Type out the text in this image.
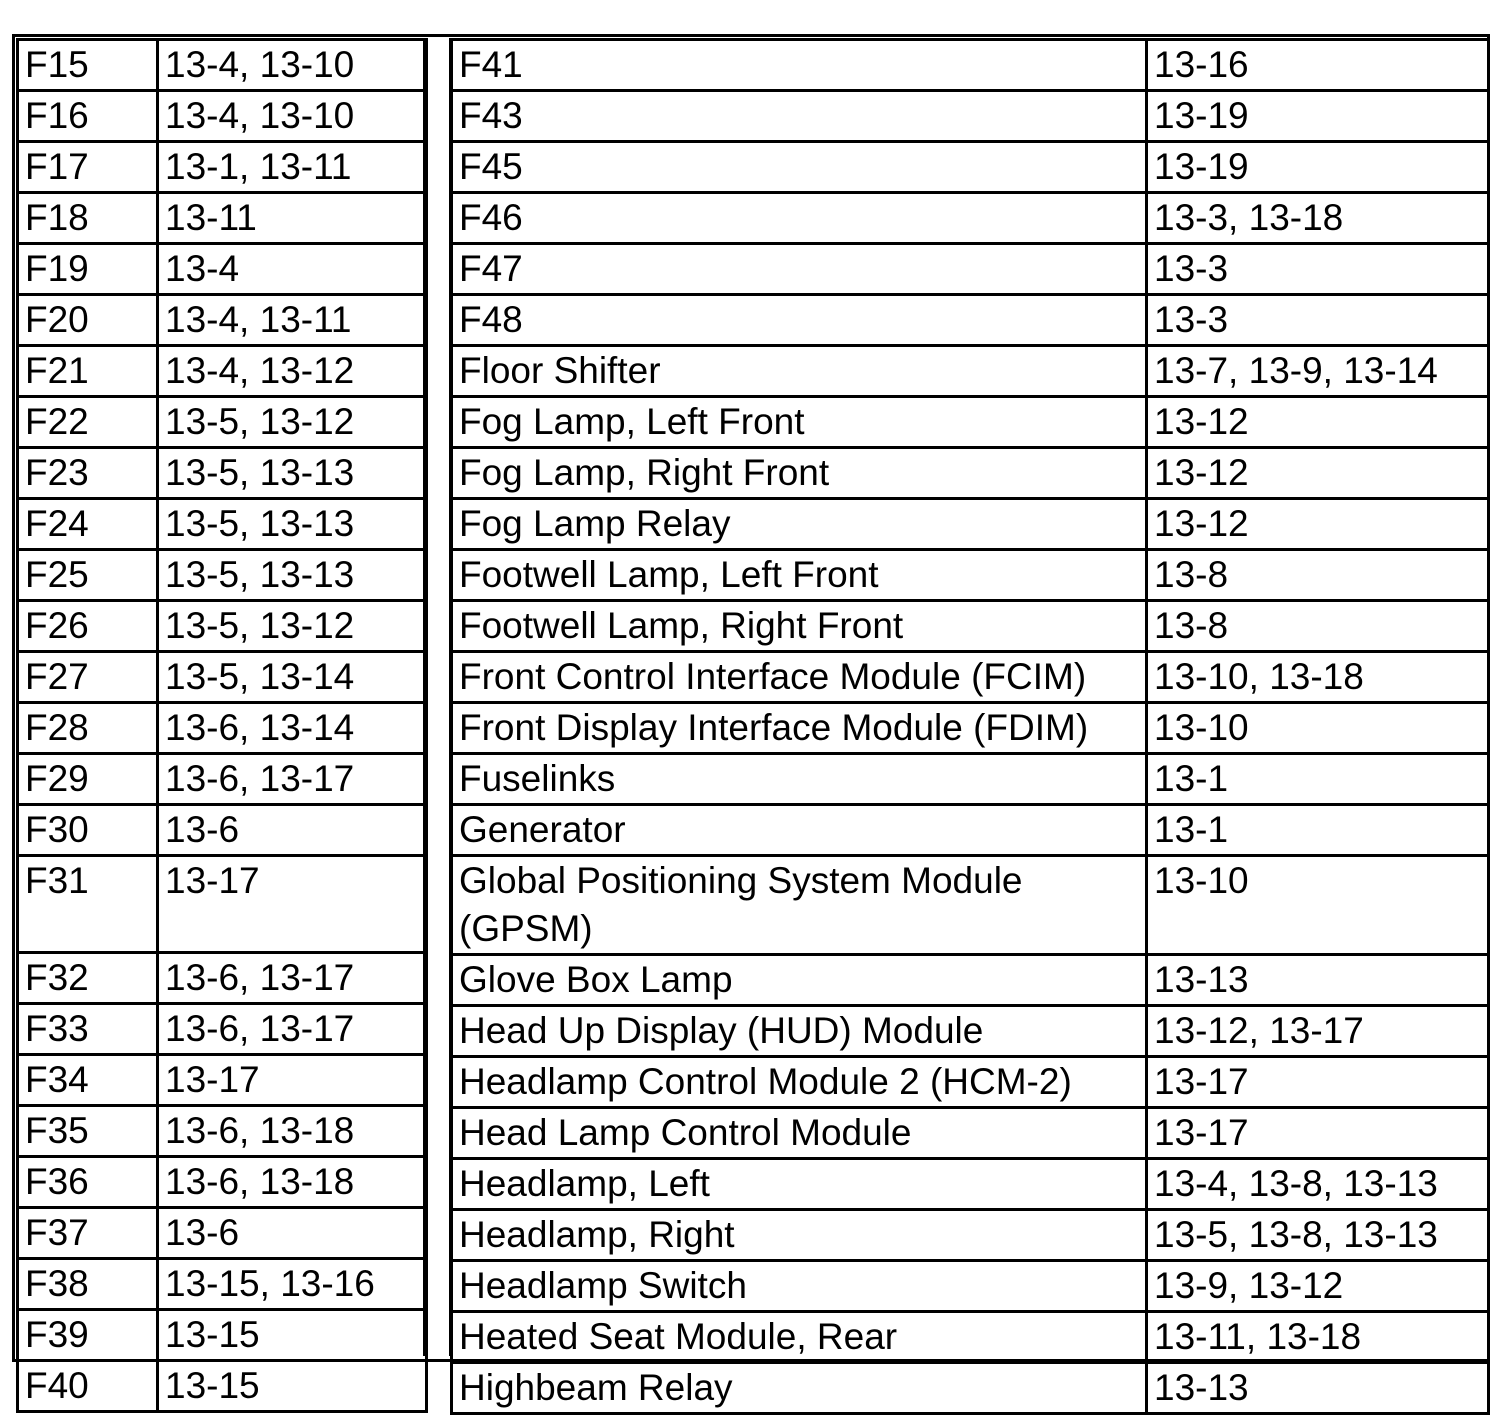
F15	13-4, 13-10
F16	13-4, 13-10
F17	13-1, 13-11
F18	13-11
F19	13-4
F20	13-4, 13-11
F21	13-4, 13-12
F22	13-5, 13-12
F23	13-5, 13-13
F24	13-5, 13-13
F25	13-5, 13-13
F26	13-5, 13-12
F27	13-5, 13-14
F28	13-6, 13-14
F29	13-6, 13-17
F30	13-6
F31	13-17
F32	13-6, 13-17
F33	13-6, 13-17
F34	13-17
F35	13-6, 13-18
F36	13-6, 13-18
F37	13-6
F38	13-15, 13-16
F39	13-15
F40	13-15
F41	13-16
F43	13-19
F45	13-19
F46	13-3, 13-18
F47	13-3
F48	13-3
Floor Shifter	13-7, 13-9, 13-14
Fog Lamp, Left Front	13-12
Fog Lamp, Right Front	13-12
Fog Lamp Relay	13-12
Footwell Lamp, Left Front	13-8
Footwell Lamp, Right Front	13-8
Front Control Interface Module (FCIM)	13-10, 13-18
Front Display Interface Module (FDIM)	13-10
Fuselinks	13-1
Generator	13-1
Global Positioning System Module (GPSM)	13-10
Glove Box Lamp	13-13
Head Up Display (HUD) Module	13-12, 13-17
Headlamp Control Module 2 (HCM-2)	13-17
Head Lamp Control Module	13-17
Headlamp, Left	13-4, 13-8, 13-13
Headlamp, Right	13-5, 13-8, 13-13
Headlamp Switch	13-9, 13-12
Heated Seat Module, Rear	13-11, 13-18
Highbeam Relay	13-13
